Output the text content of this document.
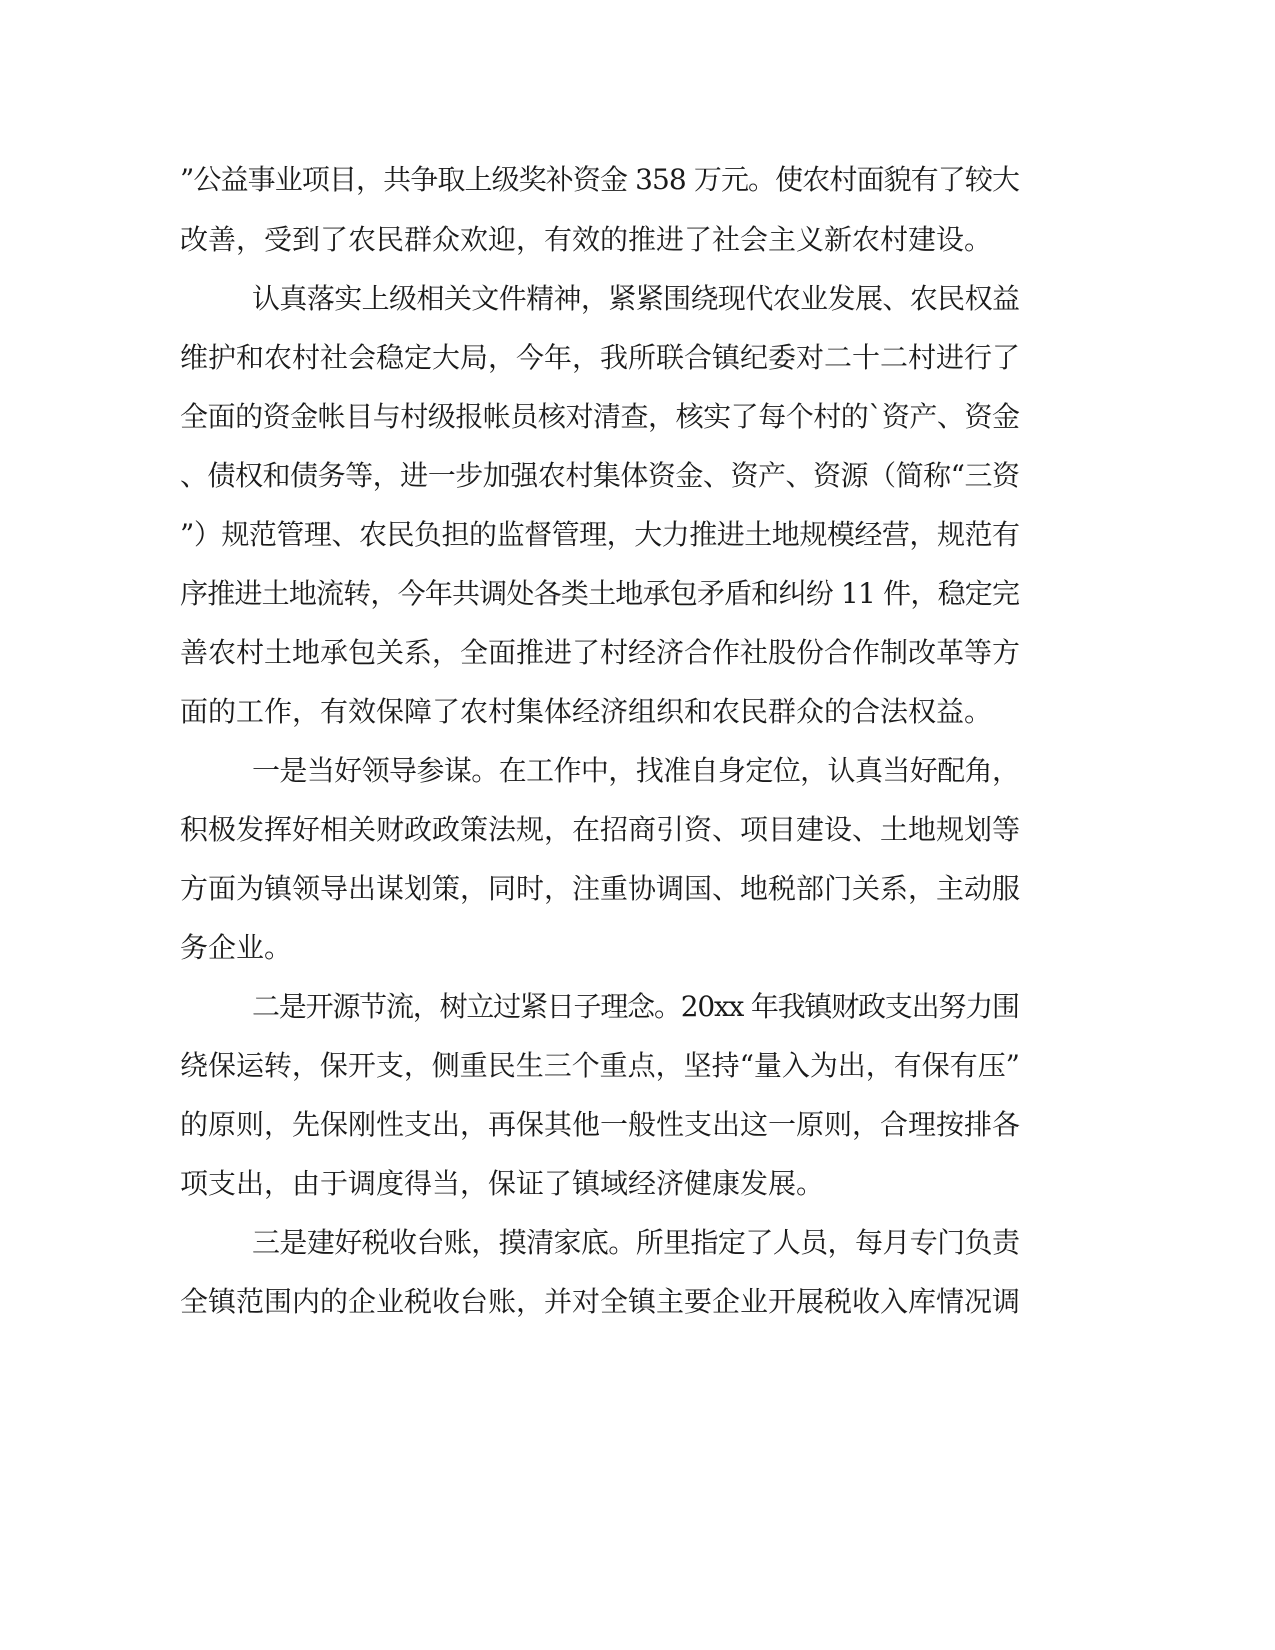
”公益事业项目，共争取上级奖补资金 358 万元。使农村面貌有了较大
改善，受到了农民群众欢迎，有效的推进了社会主义新农村建设。
认真落实上级相关文件精神，紧紧围绕现代农业发展、农民权益
维护和农村社会稳定大局，今年，我所联合镇纪委对二十二村进行了
全面的资金帐目与村级报帐员核对清查，核实了每个村的`资产、资金
、债权和债务等，进一步加强农村集体资金、资产、资源（简称“三资
”）规范管理、农民负担的监督管理，大力推进土地规模经营，规范有
序推进土地流转，今年共调处各类土地承包矛盾和纠纷 11 件，稳定完
善农村土地承包关系，全面推进了村经济合作社股份合作制改革等方
面的工作，有效保障了农村集体经济组织和农民群众的合法权益。
一是当好领导参谋。在工作中，找准自身定位，认真当好配角，
积极发挥好相关财政政策法规，在招商引资、项目建设、土地规划等
方面为镇领导出谋划策，同时，注重协调国、地税部门关系，主动服
务企业。
二是开源节流，树立过紧日子理念。20xx 年我镇财政支出努力围
绕保运转，保开支，侧重民生三个重点，坚持“量入为出，有保有压”
的原则，先保刚性支出，再保其他一般性支出这一原则，合理按排各
项支出，由于调度得当，保证了镇域经济健康发展。
三是建好税收台账，摸清家底。所里指定了人员，每月专门负责
全镇范围内的企业税收台账，并对全镇主要企业开展税收入库情况调
